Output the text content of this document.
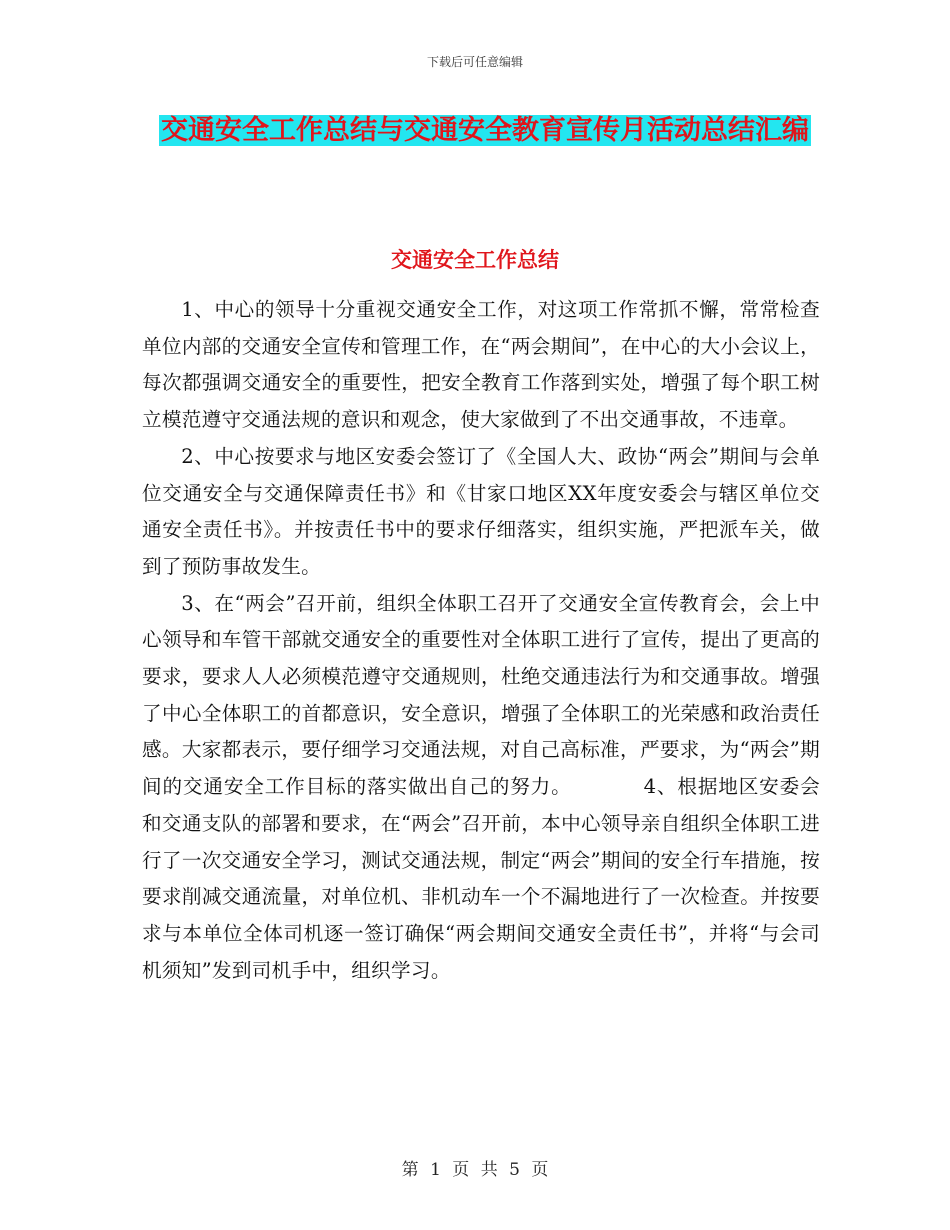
下载后可任意编辑
交通安全工作总结与交通安全教育宣传月活动总结汇编
交通安全工作总结

1、中心的领导十分重视交通安全工作，对这项工作常抓不懈，常常检查单位内部的交通安全宣传和管理工作，在“两会期间”，在中心的大小会议上，每次都强调交通安全的重要性，把安全教育工作落到实处，增强了每个职工树立模范遵守交通法规的意识和观念，使大家做到了不出交通事故，不违章。

2、中心按要求与地区安委会签订了《全国人大、政协“两会”期间与会单位交通安全与交通保障责任书》和《甘家口地区XX年度安委会与辖区单位交通安全责任书》。并按责任书中的要求仔细落实，组织实施，严把派车关，做到了预防事故发生。

3、在“两会”召开前，组织全体职工召开了交通安全宣传教育会，会上中心领导和车管干部就交通安全的重要性对全体职工进行了宣传，提出了更高的要求，要求人人必须模范遵守交通规则，杜绝交通违法行为和交通事故。增强了中心全体职工的首都意识，安全意识，增强了全体职工的光荣感和政治责任感。大家都表示，要仔细学习交通法规，对自己高标准，严要求，为“两会”期间的交通安全工作目标的落实做出自己的努力。　　　　4、根据地区安委会和交通支队的部署和要求，在“两会”召开前，本中心领导亲自组织全体职工进行了一次交通安全学习，测试交通法规，制定“两会”期间的安全行车措施，按要求削减交通流量，对单位机、非机动车一个不漏地进行了一次检查。并按要求与本单位全体司机逐一签订确保“两会期间交通安全责任书”，并将“与会司机须知”发到司机手中，组织学习。

第 1 页 共 5 页
